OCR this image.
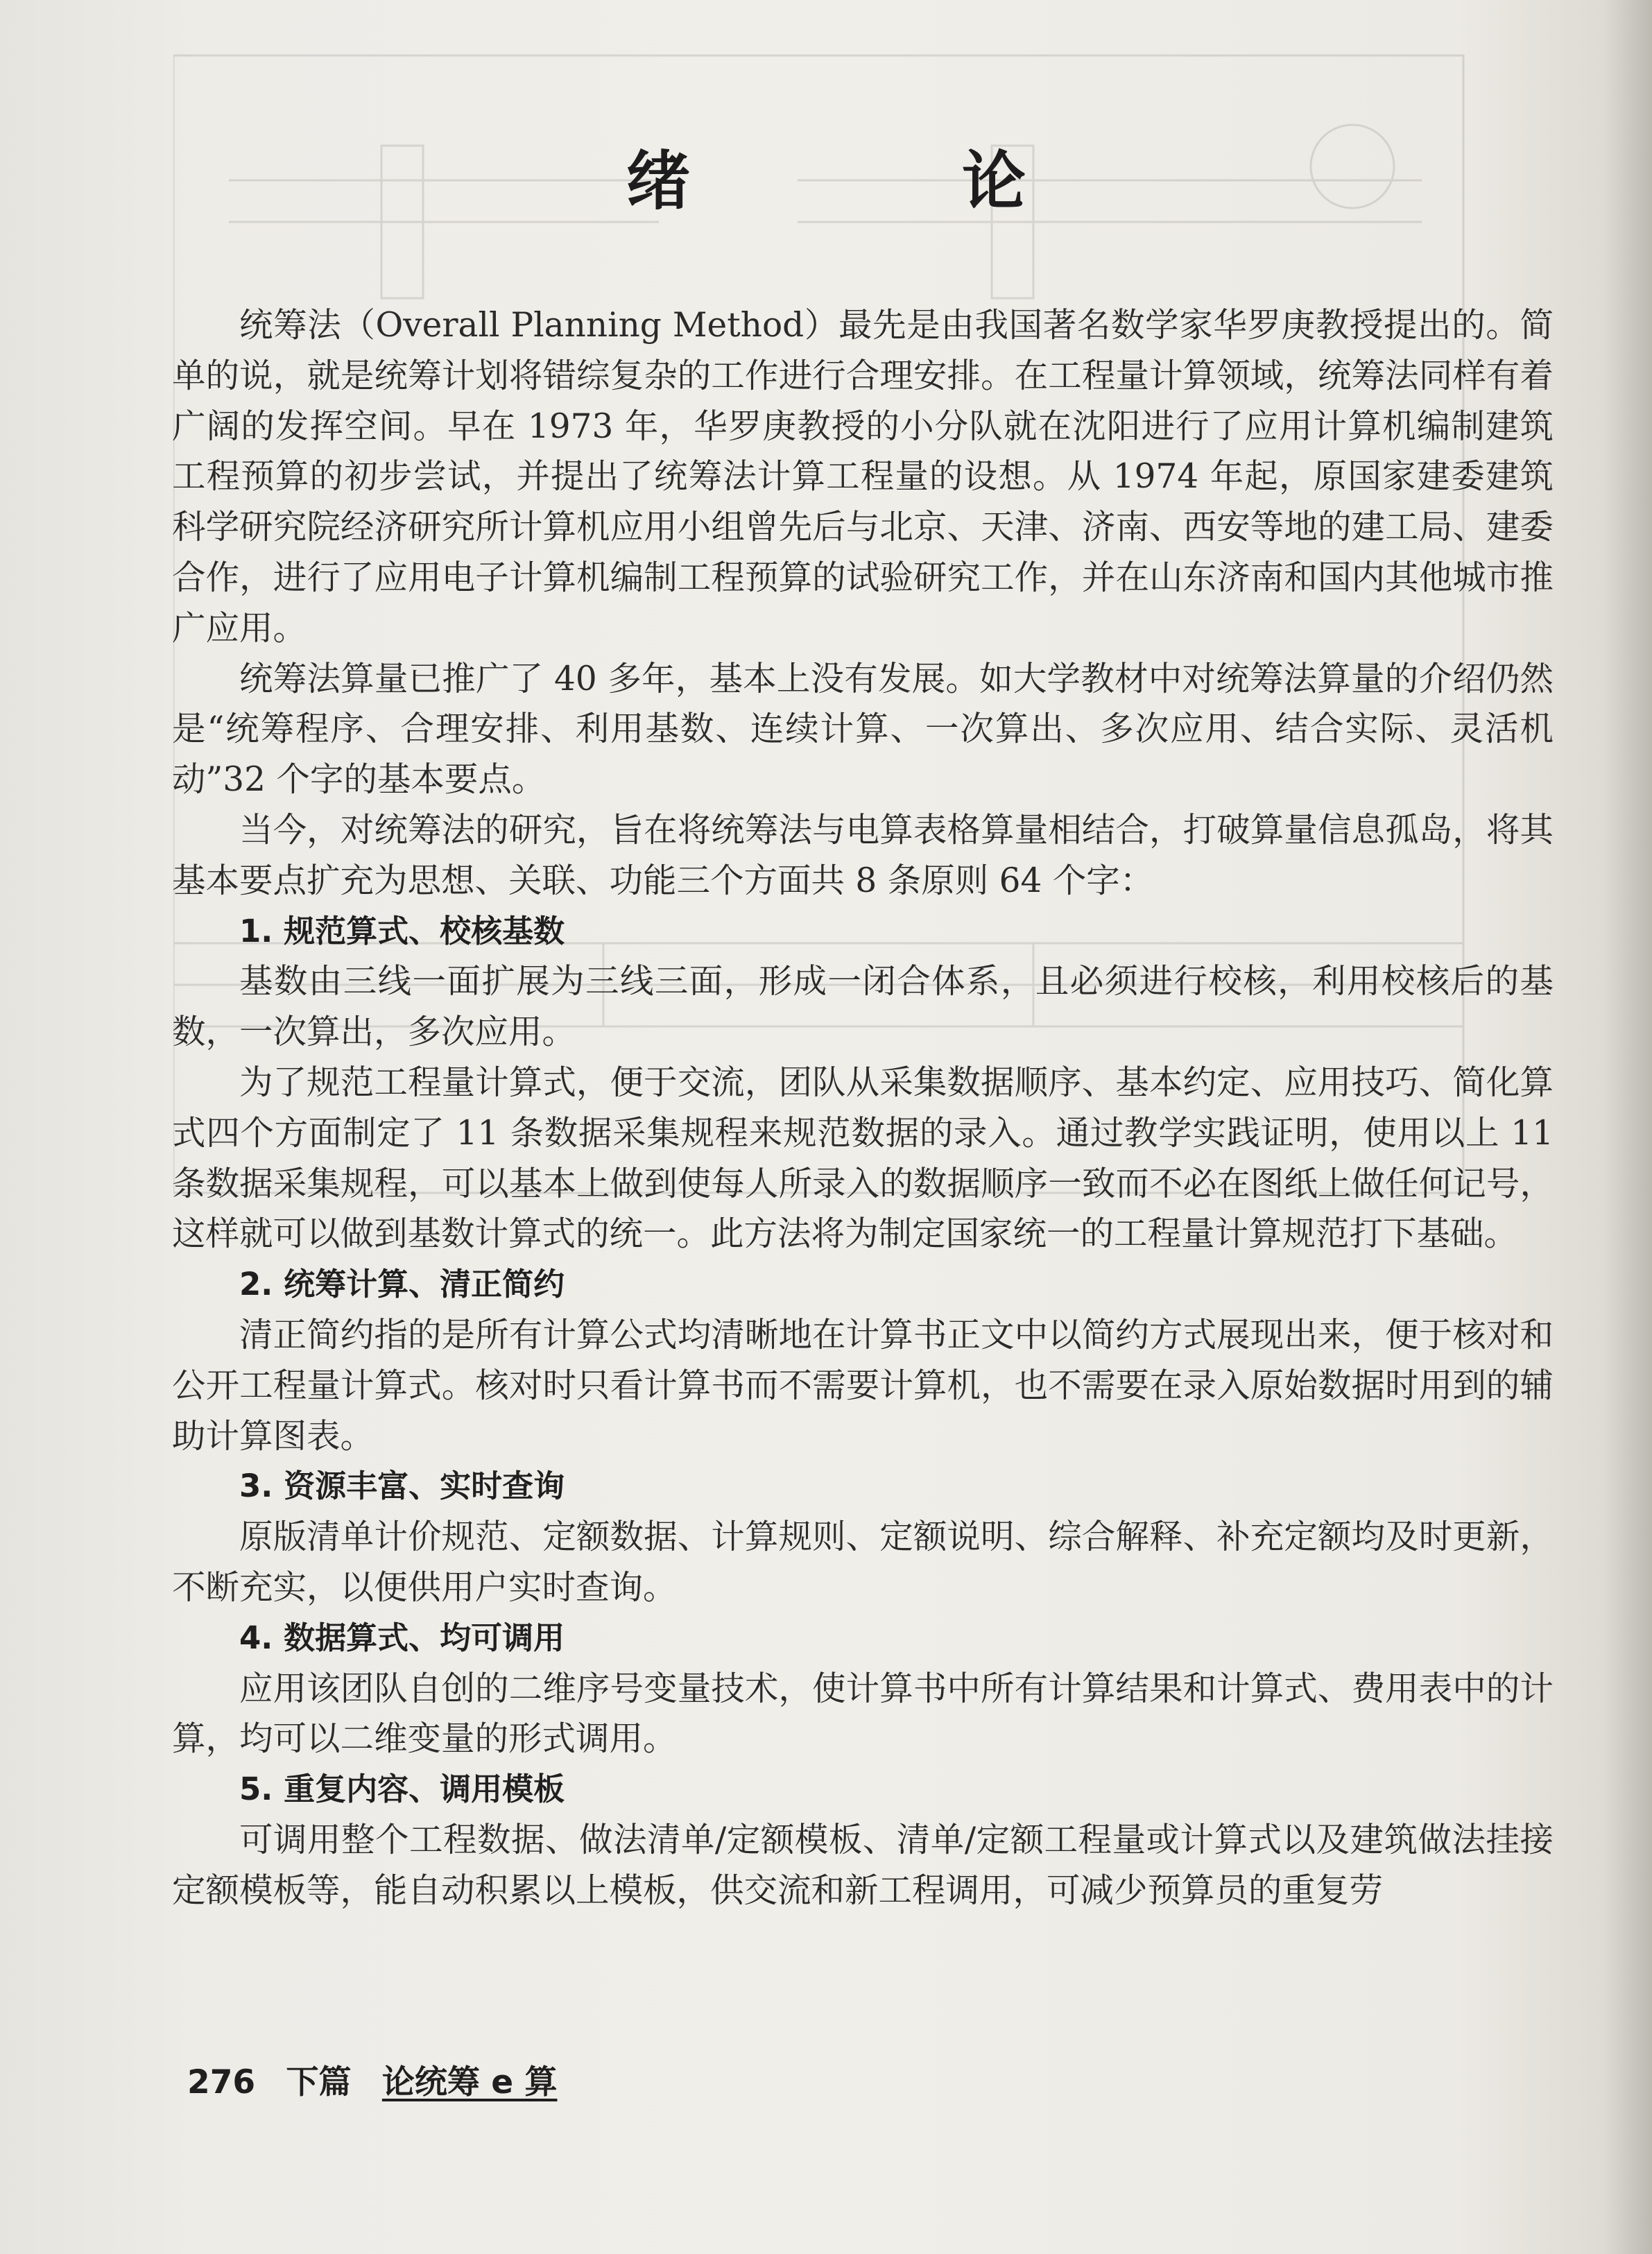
绪　论

统筹法（Overall Planning Method）最先是由我国著名数学家华罗庚教授提出的。简单的说，就是统筹计划将错综复杂的工作进行合理安排。在工程量计算领域，统筹法同样有着广阔的发挥空间。早在 1973 年，华罗庚教授的小分队就在沈阳进行了应用计算机编制建筑工程预算的初步尝试，并提出了统筹法计算工程量的设想。从 1974 年起，原国家建委建筑科学研究院经济研究所计算机应用小组曾先后与北京、天津、济南、西安等地的建工局、建委合作，进行了应用电子计算机编制工程预算的试验研究工作，并在山东济南和国内其他城市推广应用。

统筹法算量已推广了 40 多年，基本上没有发展。如大学教材中对统筹法算量的介绍仍然是“统筹程序、合理安排、利用基数、连续计算、一次算出、多次应用、结合实际、灵活机动”32 个字的基本要点。

当今，对统筹法的研究，旨在将统筹法与电算表格算量相结合，打破算量信息孤岛，将其基本要点扩充为思想、关联、功能三个方面共 8 条原则 64 个字：

1. 规范算式、校核基数

基数由三线一面扩展为三线三面，形成一闭合体系，且必须进行校核，利用校核后的基数，一次算出，多次应用。

为了规范工程量计算式，便于交流，团队从采集数据顺序、基本约定、应用技巧、简化算式四个方面制定了 11 条数据采集规程来规范数据的录入。通过教学实践证明，使用以上 11 条数据采集规程，可以基本上做到使每人所录入的数据顺序一致而不必在图纸上做任何记号，这样就可以做到基数计算式的统一。此方法将为制定国家统一的工程量计算规范打下基础。

2. 统筹计算、清正简约

清正简约指的是所有计算公式均清晰地在计算书正文中以简约方式展现出来，便于核对和公开工程量计算式。核对时只看计算书而不需要计算机，也不需要在录入原始数据时用到的辅助计算图表。

3. 资源丰富、实时查询

原版清单计价规范、定额数据、计算规则、定额说明、综合解释、补充定额均及时更新，不断充实，以便供用户实时查询。

4. 数据算式、均可调用

应用该团队自创的二维序号变量技术，使计算书中所有计算结果和计算式、费用表中的计算，均可以二维变量的形式调用。

5. 重复内容、调用模板

可调用整个工程数据、做法清单/定额模板、清单/定额工程量或计算式以及建筑做法挂接定额模板等，能自动积累以上模板，供交流和新工程调用，可减少预算员的重复劳

276 下篇 论统筹 e 算
